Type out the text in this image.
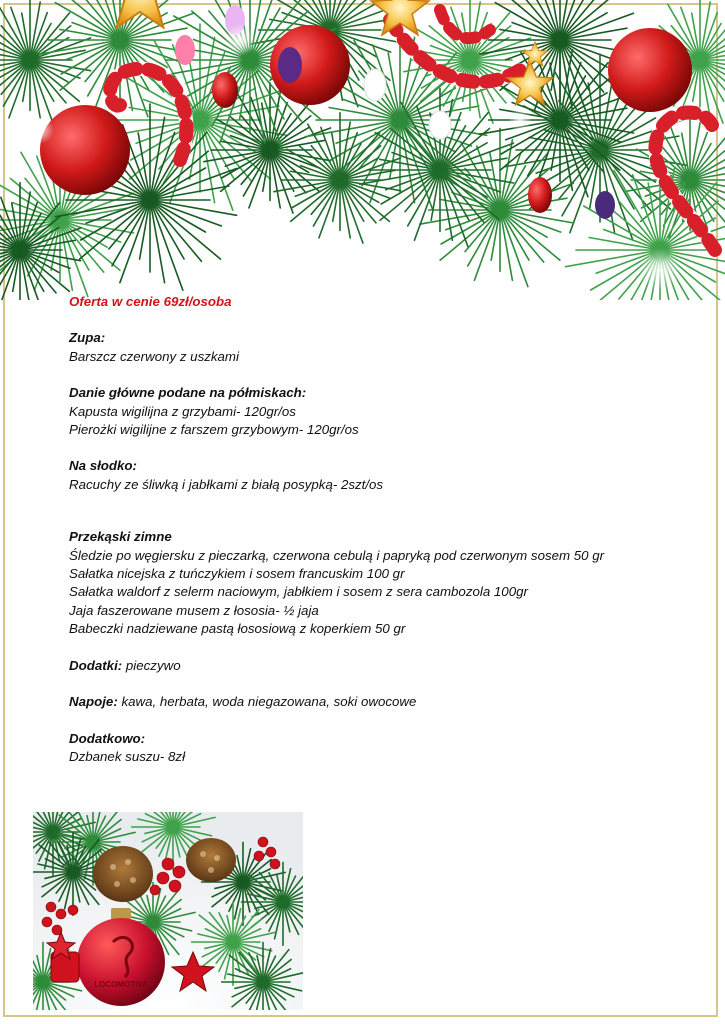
Oferta w cenie 69zł/osoba
Zupa:
Barszcz czerwony z uszkami
Danie główne podane na półmiskach:
Kapusta wigilijna z grzybami- 120gr/os
Pierożki wigilijne z farszem grzybowym- 120gr/os
Na słodko:
Racuchy ze śliwką i jabłkami z białą posypką- 2szt/os
Przekąski zimne
Śledzie po węgiersku z pieczarką, czerwona cebulą i papryką pod czerwonym sosem 50 gr
Sałatka nicejska z tuńczykiem i sosem francuskim 100 gr
Sałatka waldorf z selerm naciowym, jabłkiem i sosem z sera cambozola 100gr
Jaja faszerowane musem z łososia- ½ jaja
Babeczki nadziewane pastą łososiową z koperkiem 50 gr
Dodatki: pieczywo
Napoje: kawa, herbata, woda niegazowana, soki owocowe
Dodatkowo:
Dzbanek suszu- 8zł
LOCOMOTIVA
